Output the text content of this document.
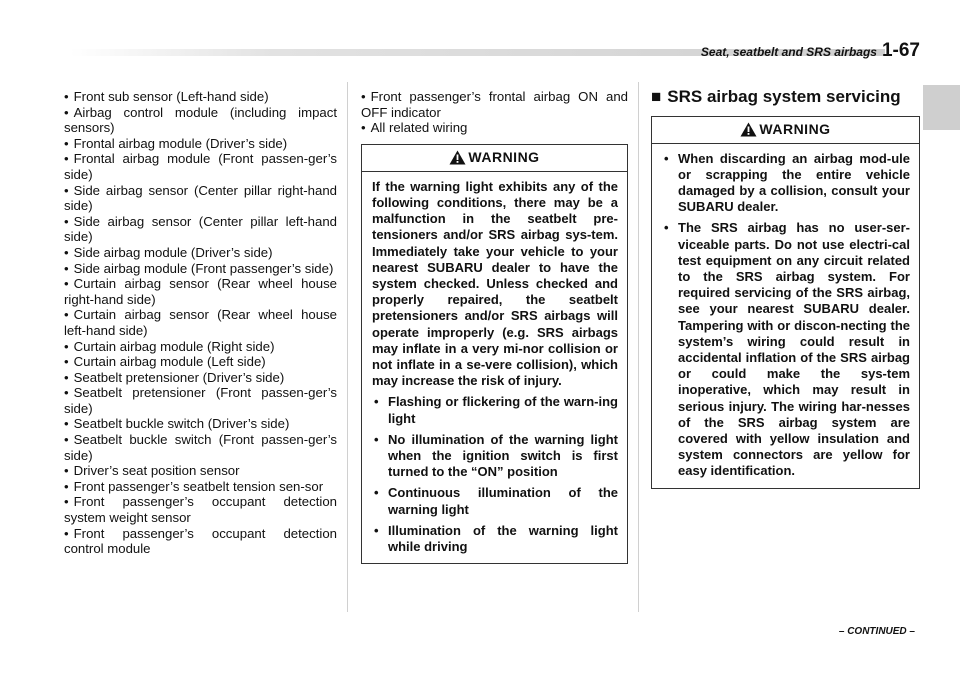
Seat, seatbelt and SRS airbags 1-67
• Front sub sensor (Left-hand side)
• Airbag control module (including impact sensors)
• Frontal airbag module (Driver’s side)
• Frontal airbag module (Front passen-ger’s side)
• Side airbag sensor (Center pillar right-hand side)
• Side airbag sensor (Center pillar left-hand side)
• Side airbag module (Driver’s side)
• Side airbag module (Front passenger’s side)
• Curtain airbag sensor (Rear wheel house right-hand side)
• Curtain airbag sensor (Rear wheel house left-hand side)
• Curtain airbag module (Right side)
• Curtain airbag module (Left side)
• Seatbelt pretensioner (Driver’s side)
• Seatbelt pretensioner (Front passen-ger’s side)
• Seatbelt buckle switch (Driver’s side)
• Seatbelt buckle switch (Front passen-ger’s side)
• Driver’s seat position sensor
• Front passenger’s seatbelt tension sen-sor
• Front passenger’s occupant detection system weight sensor
• Front passenger’s occupant detection control module
• Front passenger’s frontal airbag ON and OFF indicator
• All related wiring
WARNING

If the warning light exhibits any of the following conditions, there may be a malfunction in the seatbelt pre-tensioners and/or SRS airbag sys-tem. Immediately take your vehicle to your nearest SUBARU dealer to have the system checked. Unless checked and properly repaired, the seatbelt pretensioners and/or SRS airbags will operate improperly (e.g. SRS airbags may inflate in a very mi-nor collision or not inflate in a se-vere collision), which may increase the risk of injury.

• Flashing or flickering of the warn-ing light
• No illumination of the warning light when the ignition switch is first turned to the “ON” position
• Continuous illumination of the warning light
• Illumination of the warning light while driving
■ SRS airbag system servicing
WARNING
• When discarding an airbag mod-ule or scrapping the entire vehicle damaged by a collision, consult your SUBARU dealer.
• The SRS airbag has no user-ser-viceable parts. Do not use electri-cal test equipment on any circuit related to the SRS airbag system. For required servicing of the SRS airbag, see your nearest SUBARU dealer. Tampering with or discon-necting the system’s wiring could result in accidental inflation of the SRS airbag or could make the sys-tem inoperative, which may result in serious injury. The wiring har-nesses of the SRS airbag system are covered with yellow insulation and system connectors are yellow for easy identification.
– CONTINUED –
